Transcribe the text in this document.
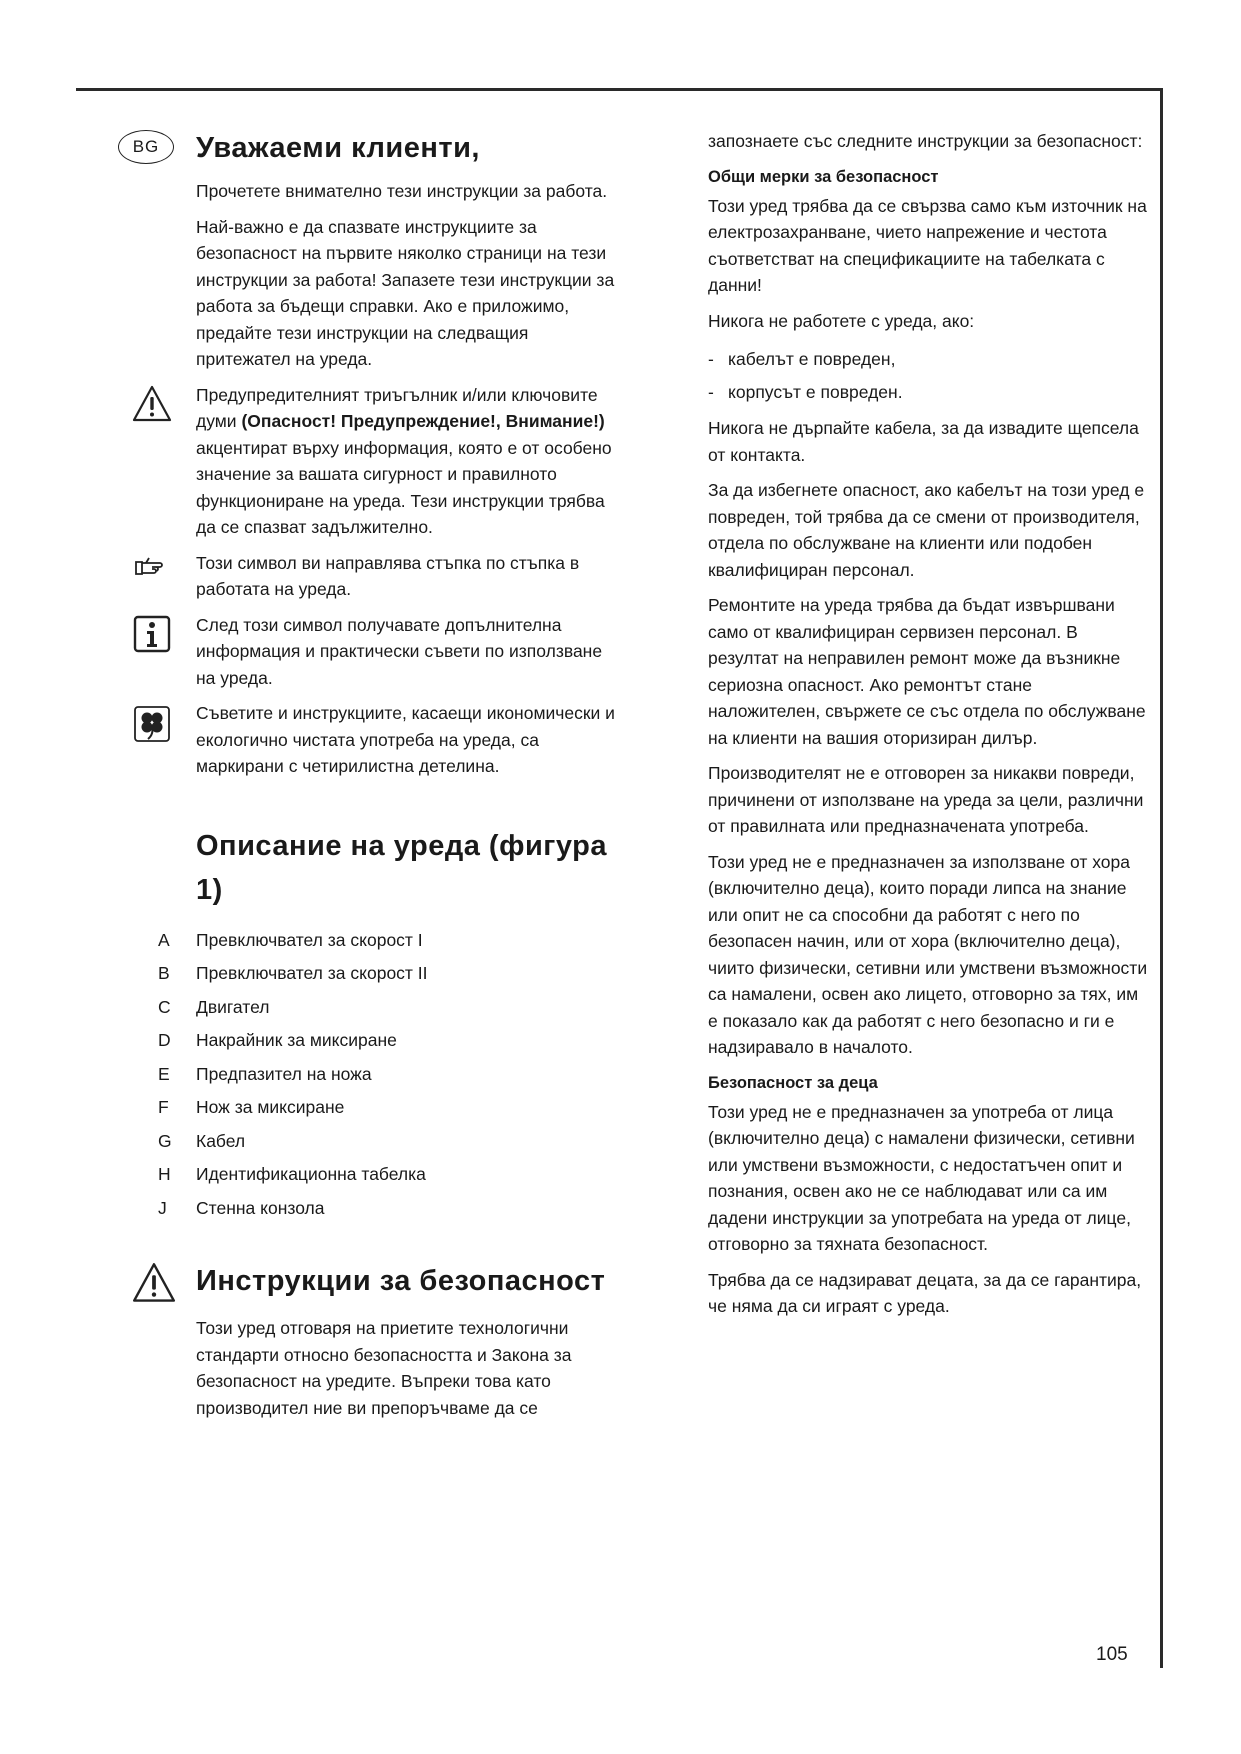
BG	Уважаеми клиенти,

Прочетете внимателно тези инструкции за работа.

Най-важно е да спазвате инструкциите за безопасност на първите няколко страници на тези инструкции за работа! Запазете тези инструкции за работа за бъдещи справки. Ако е приложимо, предайте тези инструкции на следващия притежател на уреда.

Предупредителният триъгълник и/или ключовите думи (Опасност! Предупреждение!, Внимание!) акцентират върху информация, която е от особено значение за вашата сигурност и правилното функциониране на уреда. Тези инструкции трябва да се спазват задължително.

Този символ ви направлява стъпка по стъпка в работата на уреда.

След този символ получавате допълнителна информация и практически съвети по използване на уреда.

Съветите и инструкциите, касаещи икономически и екологично чистата употреба на уреда, са маркирани с четирилистна детелина.

Описание на уреда (фигура 1)
A Превключвател за скорост I
B Превключвател за скорост II
C Двигател
D Накрайник за миксиране
E Предпазител на ножа
F Нож за миксиране
G Кабел
H Идентификационна табелка
J Стенна конзола
Инструкции за безопасност

Този уред отговаря на приетите технологични стандарти относно безопасността и Закона за безопасност на уредите. Въпреки това като производител ние ви препоръчваме да се

запознаете със следните инструкции за безопасност:

Общи мерки за безопасност

Този уред трябва да се свързва само към източник на електрозахранване, чието напрежение и честота съответстват на спецификациите на табелката с данни!

Никога не работете с уреда, ако:

- кабелът е повреден,
- корпусът е повреден.

Никога не дърпайте кабела, за да извадите щепсела от контакта.

За да избегнете опасност, ако кабелът на този уред е повреден, той трябва да се смени от производителя, отдела по обслужване на клиенти или подобен квалифициран персонал.

Ремонтите на уреда трябва да бъдат извършвани само от квалифициран сервизен персонал. В резултат на неправилен ремонт може да възникне сериозна опасност. Ако ремонтът стане наложителен, свържете се със отдела по обслужване на клиенти на вашия оторизиран дилър.

Производителят не е отговорен за никакви повреди, причинени от използване на уреда за цели, различни от правилната или предназначената употреба.

Този уред не е предназначен за използване от хора (включително деца), които поради липса на знание или опит не са способни да работят с него по безопасен начин, или от хора (включително деца), чиито физически, сетивни или умствени възможности са намалени, освен ако лицето, отговорно за тях, им е показало как да работят с него безопасно и ги е надзиравало в началото.

Безопасност за деца

Този уред не е предназначен за употреба от лица (включително деца) с намалени физически, сетивни или умствени възможности, с недостатъчен опит и познания, освен ако не се наблюдават или са им дадени инструкции за употребата на уреда от лице, отговорно за тяхната безопасност.

Трябва да се надзирават децата, за да се гарантира, че няма да си играят с уреда.

105
